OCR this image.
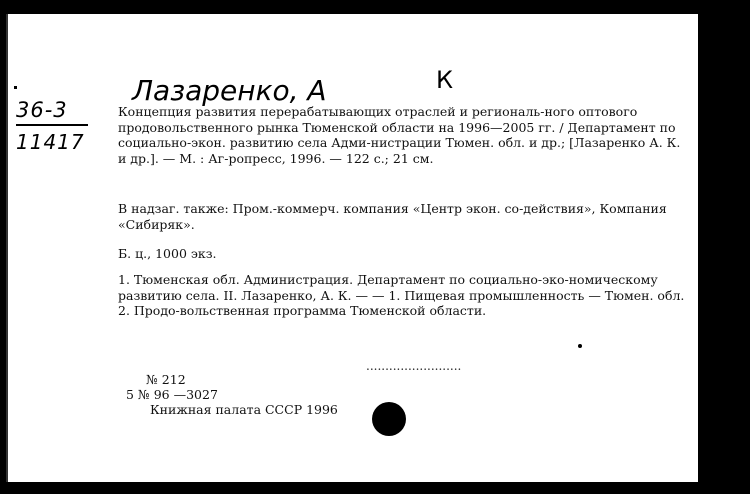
36-3
11417
Лазаренко, А	К
Концепция развития перерабатывающих отраслей и региональ-ного оптового продовольственного рынка Тюменской области на 1996—2005 гг. / Департамент по социально-экон. развитию села Адми-нистрации Тюмен. обл. и др.; [Лазаренко А. К. и др.]. — М. : Аг-ропресс, 1996. — 122 с.; 21 см.
В надзаг. также: Пром.-коммерч. компания «Центр экон. со-действия», Компания «Сибиряк».
Б. ц., 1000 экз.
1. Тюменская обл. Администрация. Департамент по социально-эко-номическому развитию села. II. Лазаренко, А. К. — — 1. Пищевая промышленность — Тюмен. обл. 2. Продо-вольственная программа Тюменской области.
.........................
№ 212
5 № 96 —3027
Книжная палата СССР 1996
